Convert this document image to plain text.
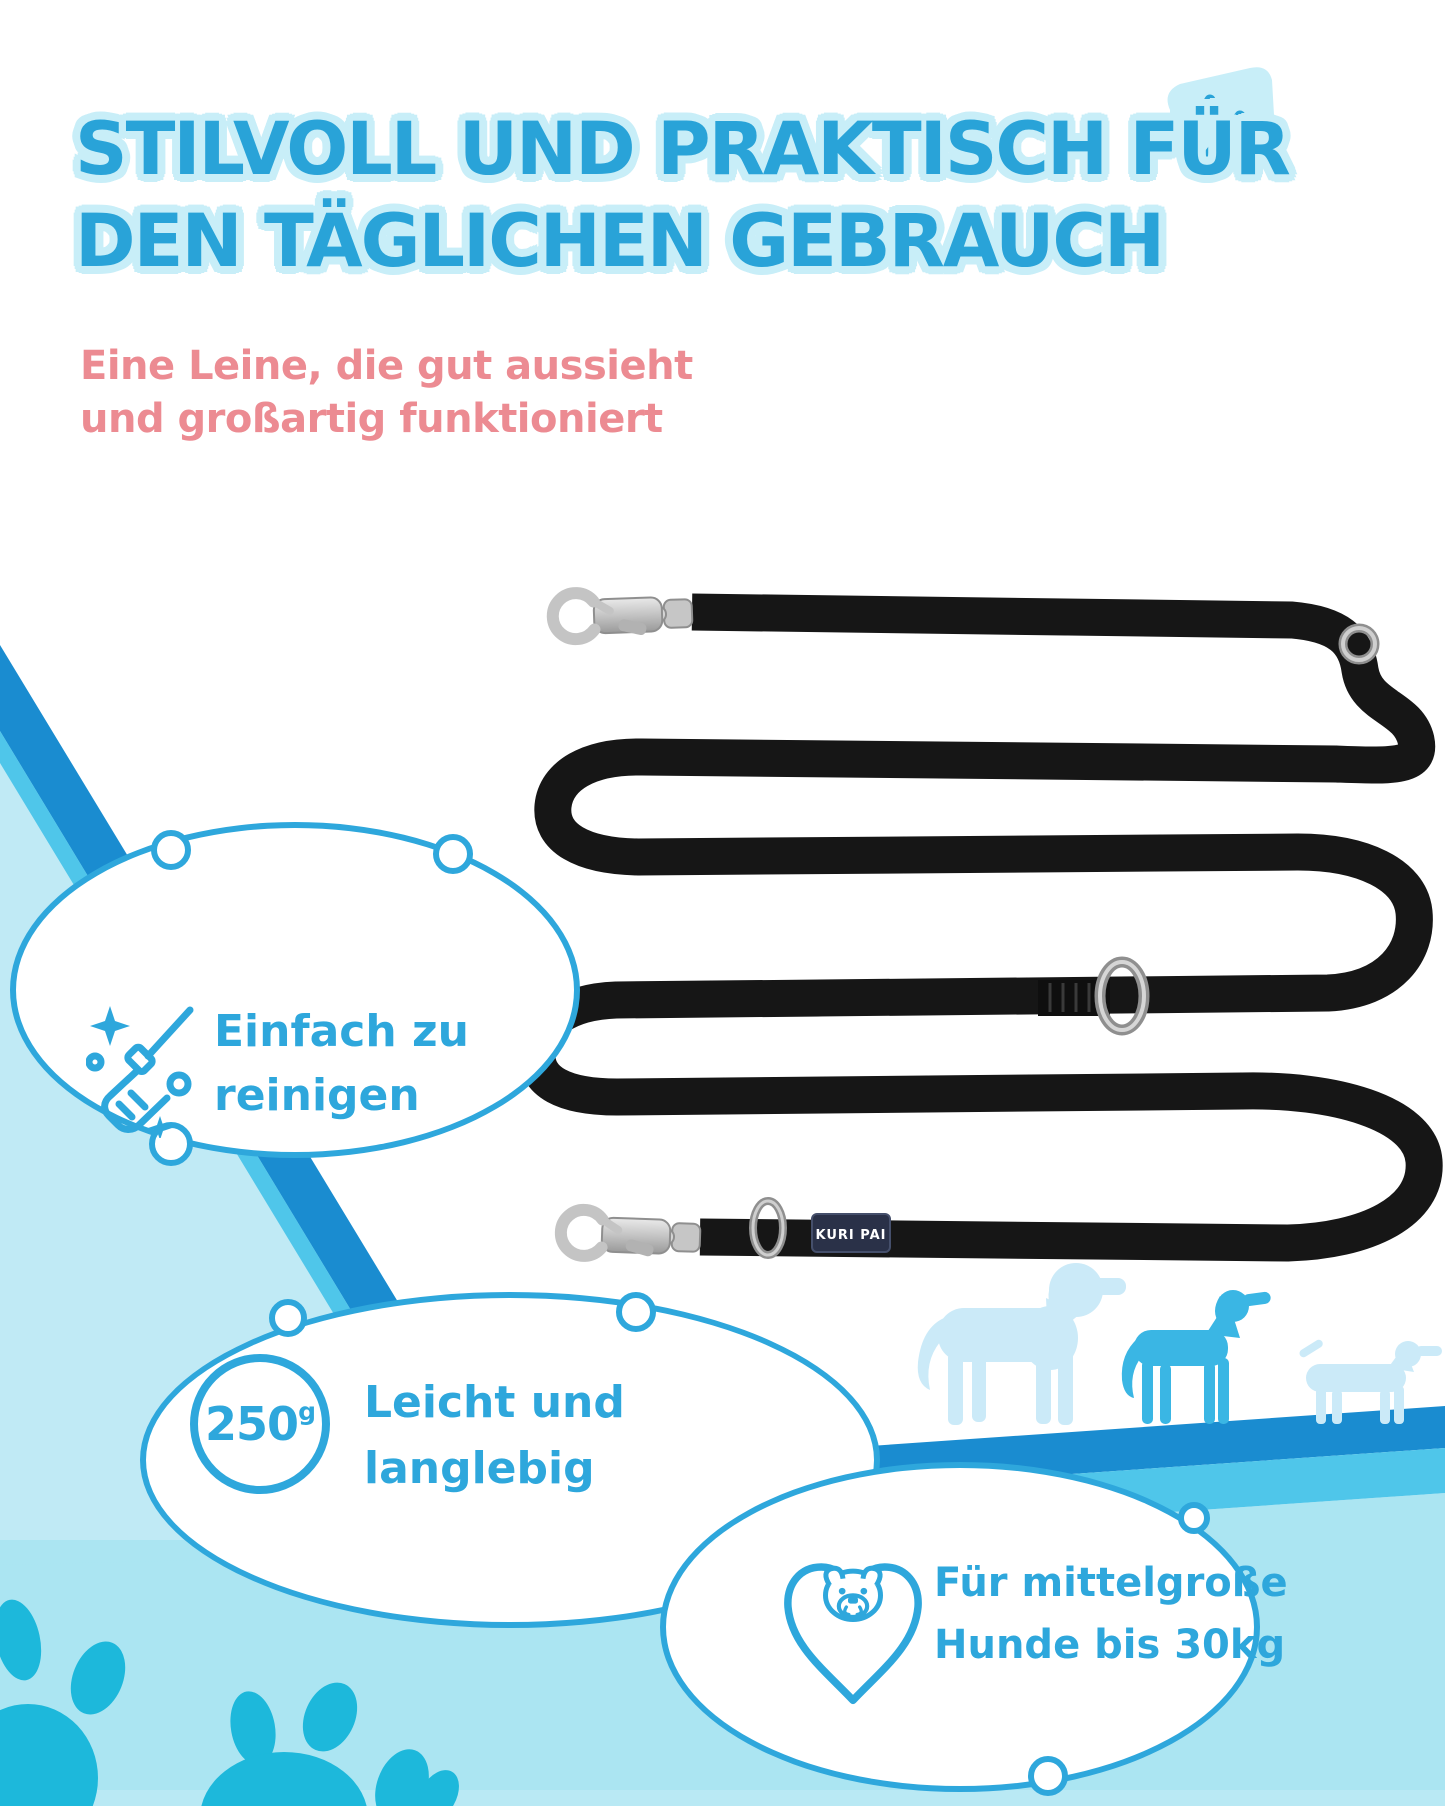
KURI PAI
STILVOLL UND PRAKTISCH FÜR
DEN TÄGLICHEN GEBRAUCH
Eine Leine, die gut aussieht
und großartig funktioniert
Einfach zu
reinigen
250$^g$ Leicht und
langlebig
Für mittelgroße
Hunde bis 30kg
